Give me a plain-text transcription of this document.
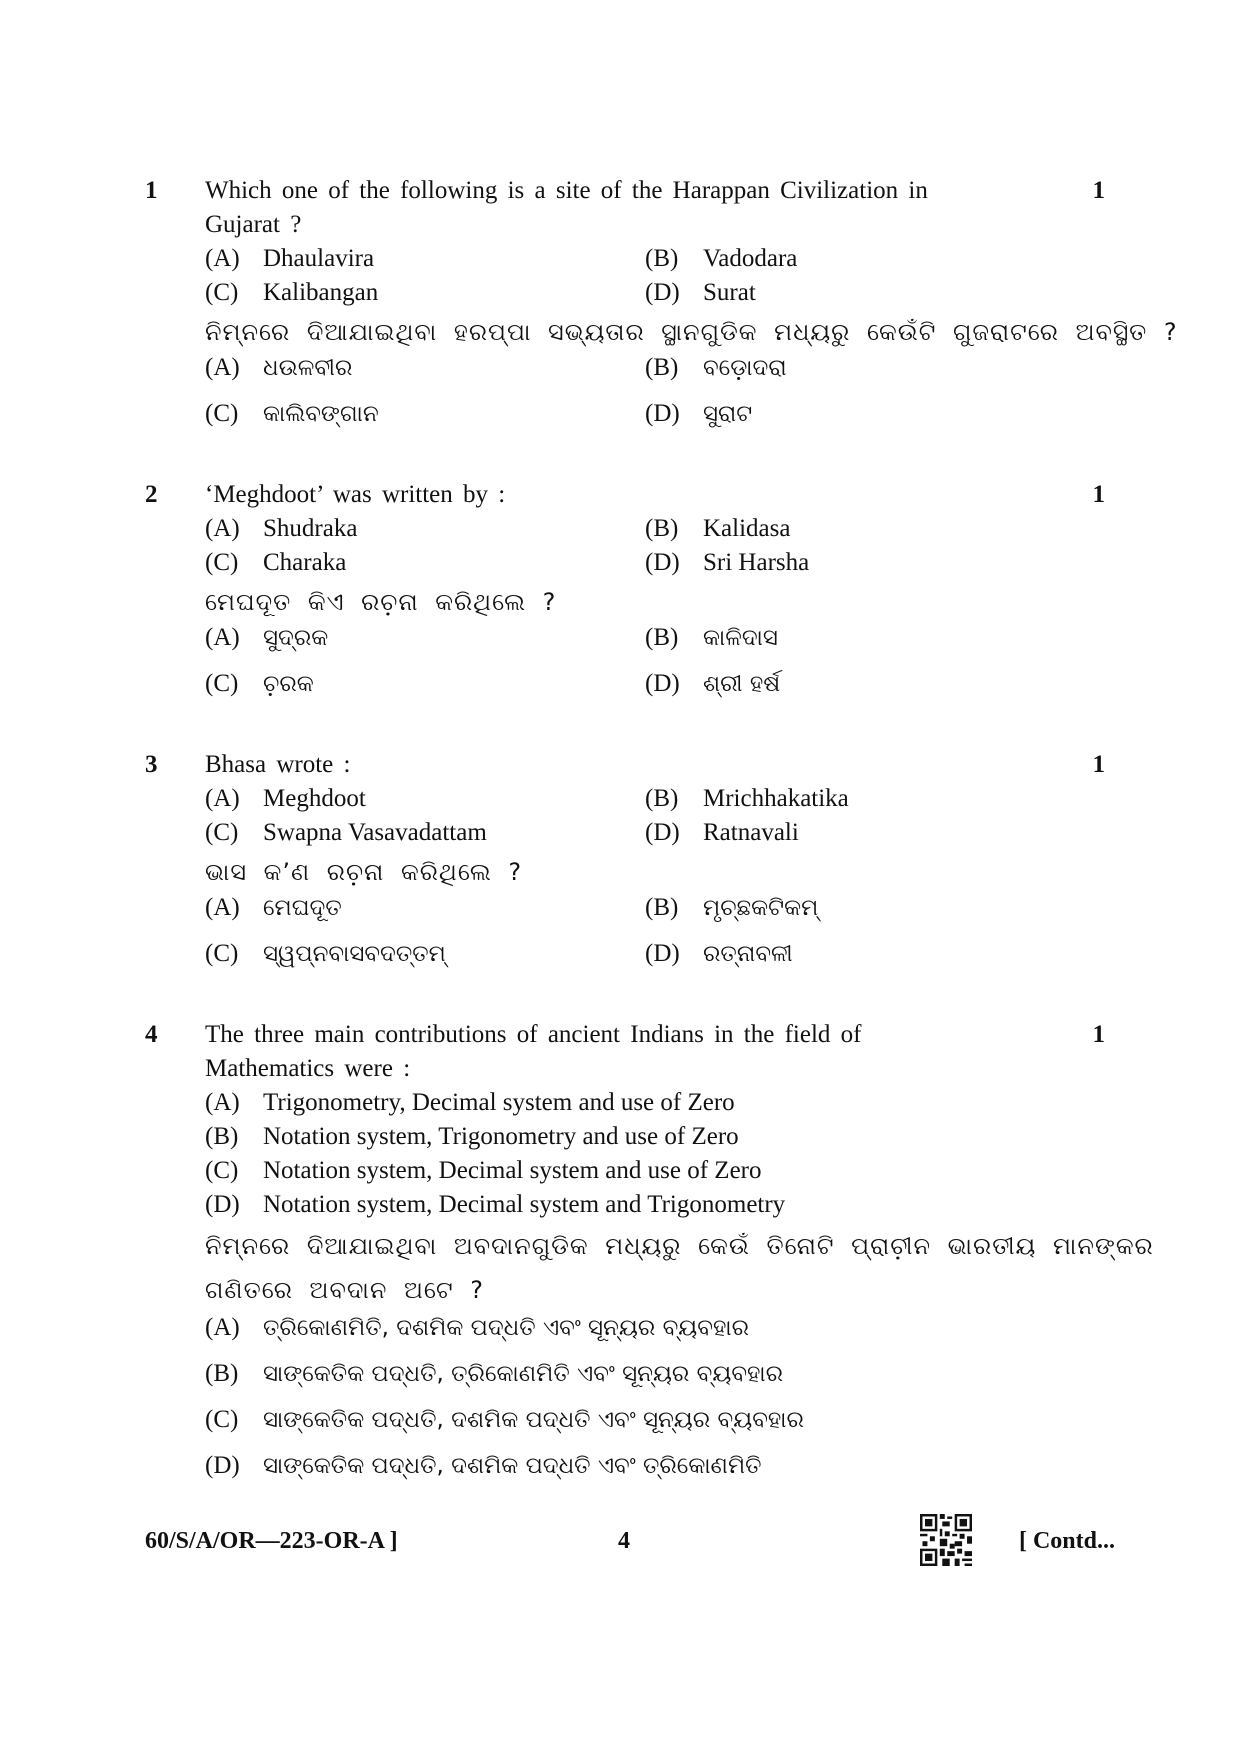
1 Which one of the following is a site of the Harappan Civilization in	1
Gujarat ?
(A) Dhaulavira	(B) Vadodara
(C) Kalibangan	(D) Surat
ନିମ୍ନରେ ଦିଆଯାଇଥିବା ହରପ୍ପା ସଭ୍ୟତାର ସ୍ଥାନଗୁଡିକ ମଧ୍ୟରୁ କେଉଁଟି ଗୁଜରାଟରେ ଅବସ୍ଥିତ ?
(A) ଧଉଳବୀର	(B) ବଡ଼ୋଦରା
(C) କାଲିବଙ୍ଗାନ	(D) ସୁରାଟ
2 ‘Meghdoot’ was written by :	1
(A) Shudraka	(B) Kalidasa
(C) Charaka	(D) Sri Harsha
ମେଘଦୂତ କିଏ ରଚ଼ନା କରିଥିଲେ ?
(A) ସୁଦ୍ରକ	(B) କାଳିଦାସ
(C) ଚ଼ରକ	(D) ଶ୍ରୀ ହର୍ଷ
3 Bhasa wrote :	1
(A) Meghdoot	(B) Mrichhakatika
(C) Swapna Vasavadattam	(D) Ratnavali
ଭାସ କ’ଣ ରଚ଼ନା କରିଥିଲେ ?
(A) ମେଘଦୂତ	(B) ମୃଚ୍ଛକଟିକମ୍
(C) ସ୍ୱପ୍ନବାସବଦତ୍ତମ୍	(D) ରତ୍ନାବଳୀ
4 The three main contributions of ancient Indians in the field of	1
Mathematics were :
(A) Trigonometry, Decimal system and use of Zero
(B) Notation system, Trigonometry and use of Zero
(C) Notation system, Decimal system and use of Zero
(D) Notation system, Decimal system and Trigonometry
ନିମ୍ନରେ ଦିଆଯାଇଥିବା ଅବଦାନଗୁଡିକ ମଧ୍ୟରୁ କେଉଁ ତିନୋଟି ପ୍ରାଚ଼ୀନ ଭାରତୀୟ ମାନଙ୍କର
ଗଣିତରେ ଅବଦାନ ଅଟେ ?
(A) ତ୍ରିକୋଣମିତି, ଦଶମିକ ପଦ୍ଧତି ଏବଂ ସୂନ୍ୟର ବ୍ୟବହାର
(B) ସାଙ୍କେତିକ ପଦ୍ଧତି, ତ୍ରିକୋଣମିତି ଏବଂ ସୂନ୍ୟର ବ୍ୟବହାର
(C) ସାଙ୍କେତିକ ପଦ୍ଧତି, ଦଶମିକ ପଦ୍ଧତି ଏବଂ ସୂନ୍ୟର ବ୍ୟବହାର
(D) ସାଙ୍କେତିକ ପଦ୍ଧତି, ଦଶମିକ ପଦ୍ଧତି ଏବଂ ତ୍ରିକୋଣମିତି
60/S/A/OR—223-OR-A ]	4	[ Contd...
